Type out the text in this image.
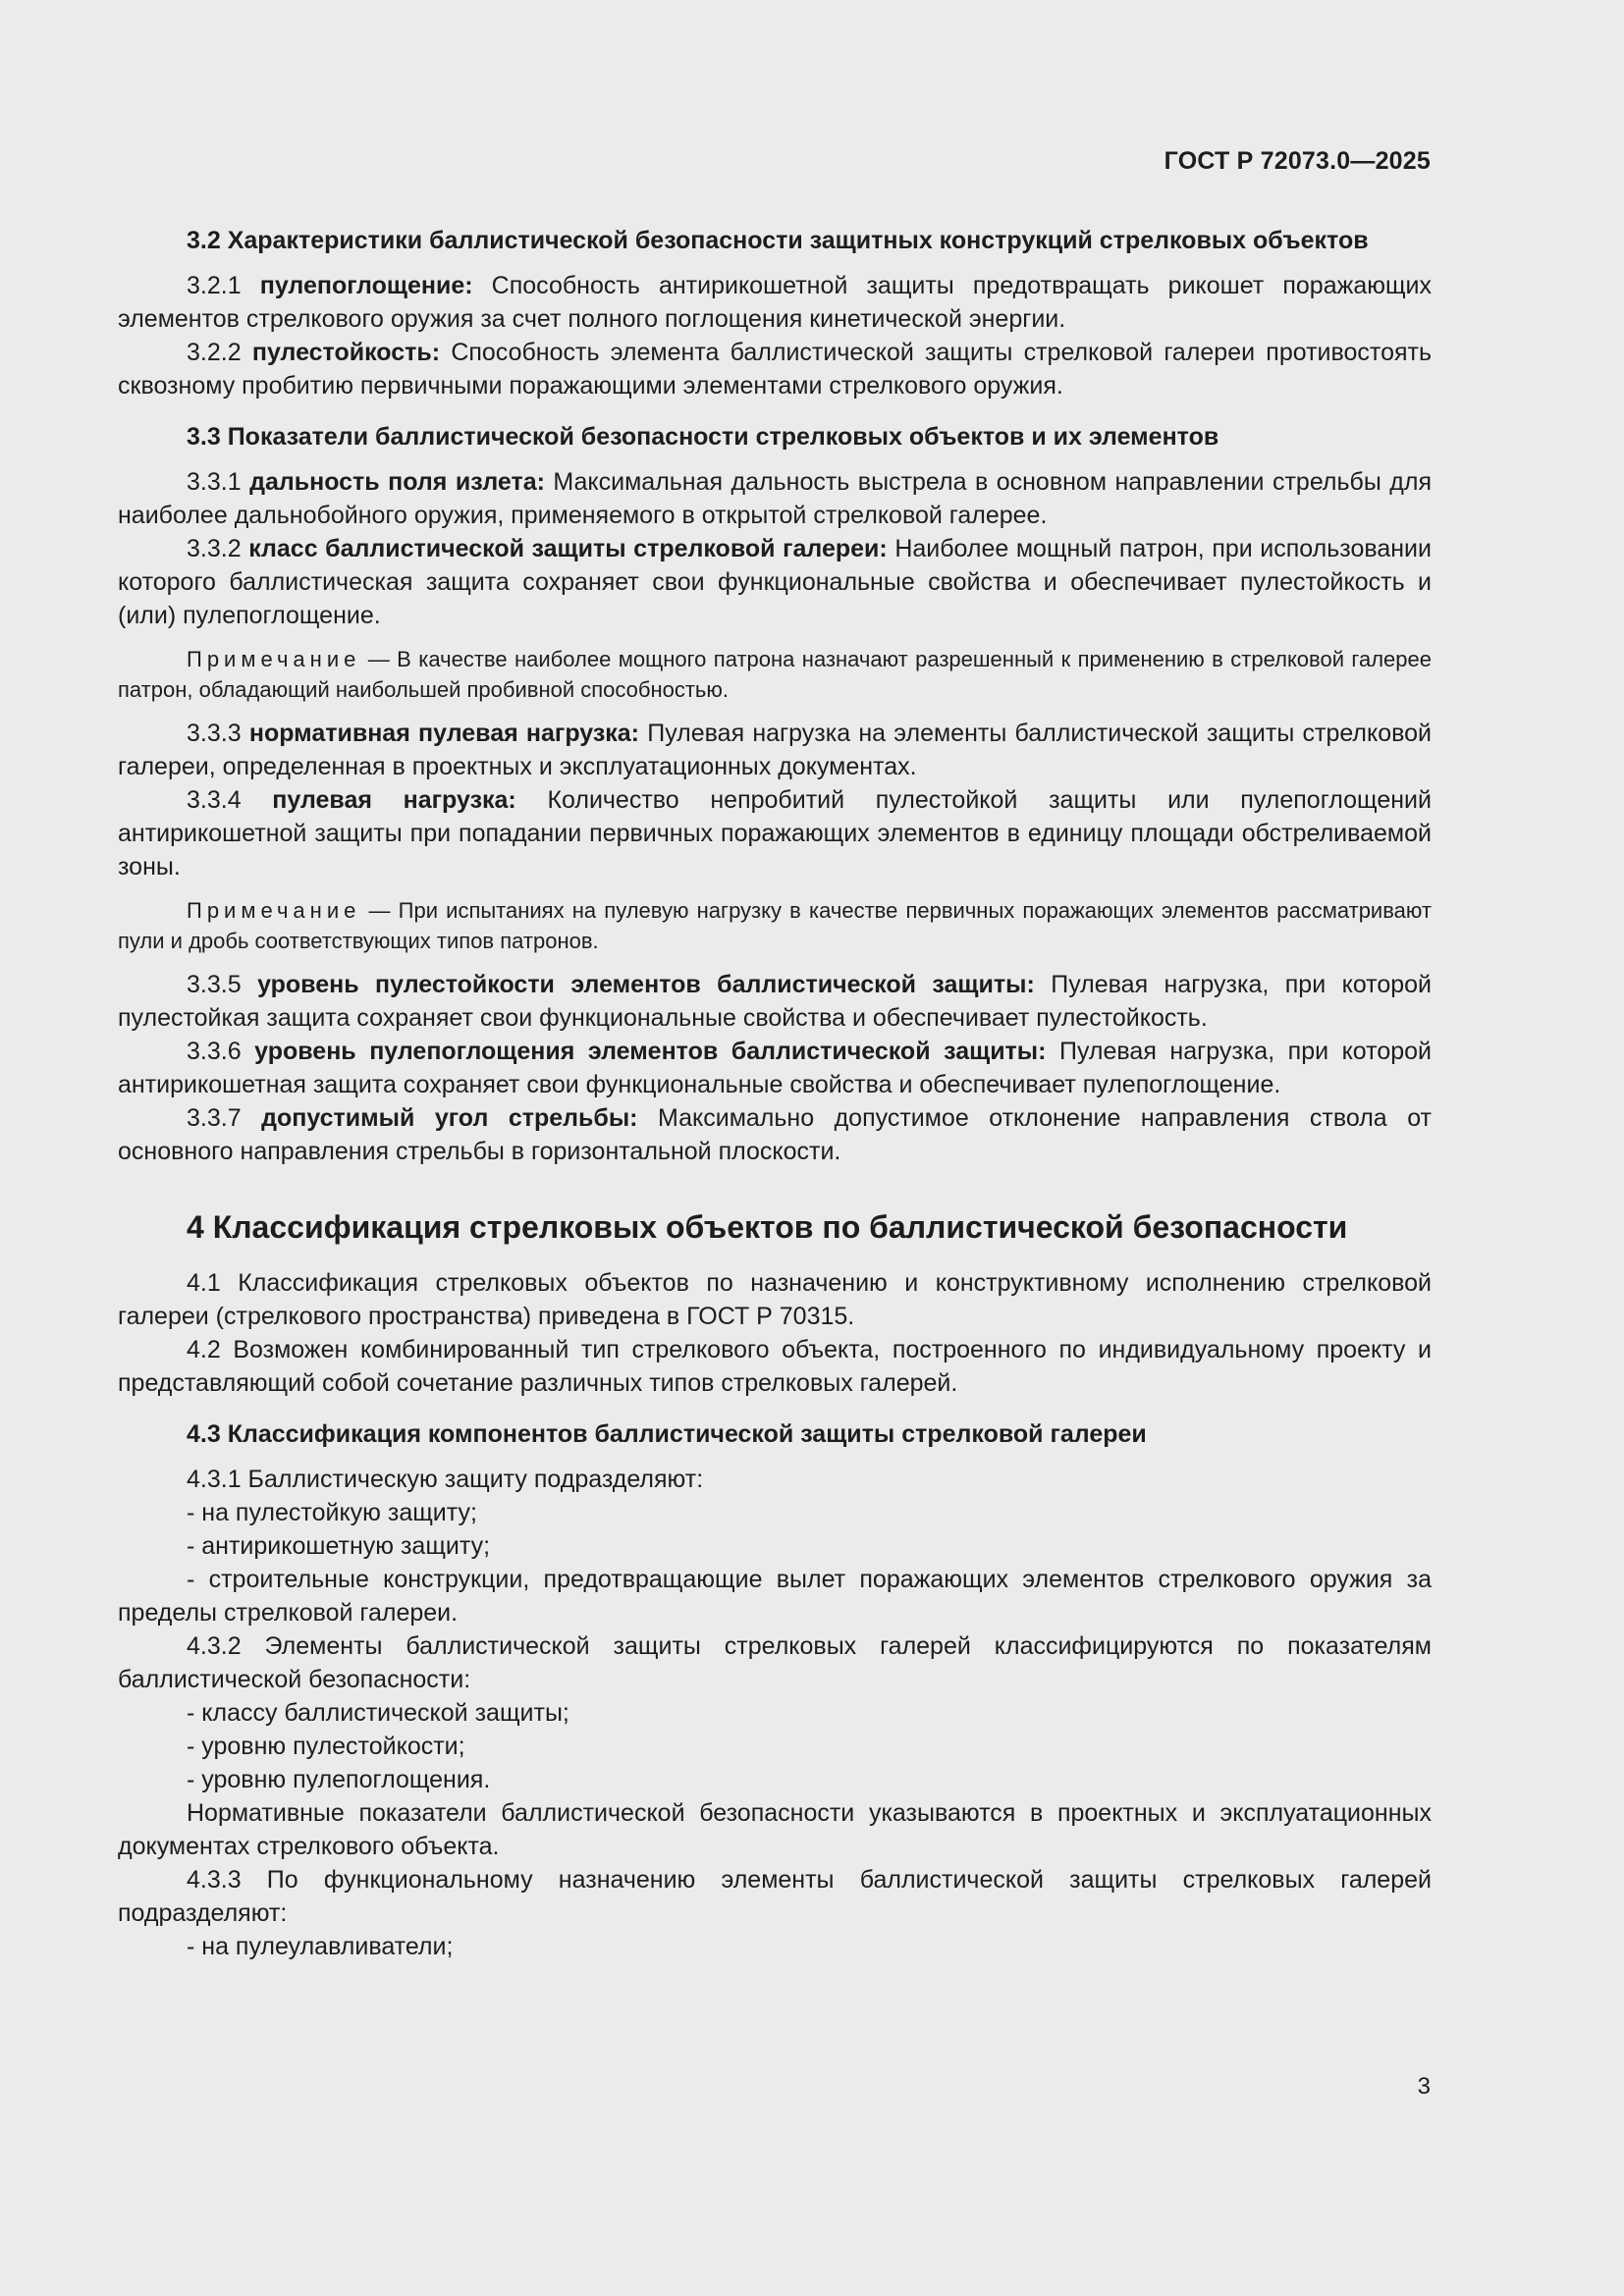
ГОСТ Р 72073.0—2025

3.2 Характеристики баллистической безопасности защитных конструкций стрелковых объектов

3.2.1 пулепоглощение: Способность антирикошетной защиты предотвращать рикошет поражающих элементов стрелкового оружия за счет полного поглощения кинетической энергии.

3.2.2 пулестойкость: Способность элемента баллистической защиты стрелковой галереи противостоять сквозному пробитию первичными поражающими элементами стрелкового оружия.

3.3 Показатели баллистической безопасности стрелковых объектов и их элементов

3.3.1 дальность поля излета: Максимальная дальность выстрела в основном направлении стрельбы для наиболее дальнобойного оружия, применяемого в открытой стрелковой галерее.

3.3.2 класс баллистической защиты стрелковой галереи: Наиболее мощный патрон, при использовании которого баллистическая защита сохраняет свои функциональные свойства и обеспечивает пулестойкость и (или) пулепоглощение.

Примечание — В качестве наиболее мощного патрона назначают разрешенный к применению в стрелковой галерее патрон, обладающий наибольшей пробивной способностью.

3.3.3 нормативная пулевая нагрузка: Пулевая нагрузка на элементы баллистической защиты стрелковой галереи, определенная в проектных и эксплуатационных документах.

3.3.4 пулевая нагрузка: Количество непробитий пулестойкой защиты или пулепоглощений антирикошетной защиты при попадании первичных поражающих элементов в единицу площади обстреливаемой зоны.

Примечание — При испытаниях на пулевую нагрузку в качестве первичных поражающих элементов рассматривают пули и дробь соответствующих типов патронов.

3.3.5 уровень пулестойкости элементов баллистической защиты: Пулевая нагрузка, при которой пулестойкая защита сохраняет свои функциональные свойства и обеспечивает пулестойкость.

3.3.6 уровень пулепоглощения элементов баллистической защиты: Пулевая нагрузка, при которой антирикошетная защита сохраняет свои функциональные свойства и обеспечивает пулепоглощение.

3.3.7 допустимый угол стрельбы: Максимально допустимое отклонение направления ствола от основного направления стрельбы в горизонтальной плоскости.

4 Классификация стрелковых объектов по баллистической безопасности

4.1 Классификация стрелковых объектов по назначению и конструктивному исполнению стрелковой галереи (стрелкового пространства) приведена в ГОСТ Р 70315.

4.2 Возможен комбинированный тип стрелкового объекта, построенного по индивидуальному проекту и представляющий собой сочетание различных типов стрелковых галерей.

4.3 Классификация компонентов баллистической защиты стрелковой галереи

4.3.1 Баллистическую защиту подразделяют:

- на пулестойкую защиту;

- антирикошетную защиту;

- строительные конструкции, предотвращающие вылет поражающих элементов стрелкового оружия за пределы стрелковой галереи.

4.3.2 Элементы баллистической защиты стрелковых галерей классифицируются по показателям баллистической безопасности:

- классу баллистической защиты;

- уровню пулестойкости;

- уровню пулепоглощения.

Нормативные показатели баллистической безопасности указываются в проектных и эксплуатационных документах стрелкового объекта.

4.3.3 По функциональному назначению элементы баллистической защиты стрелковых галерей подразделяют:

- на пулеулавливатели;

3
